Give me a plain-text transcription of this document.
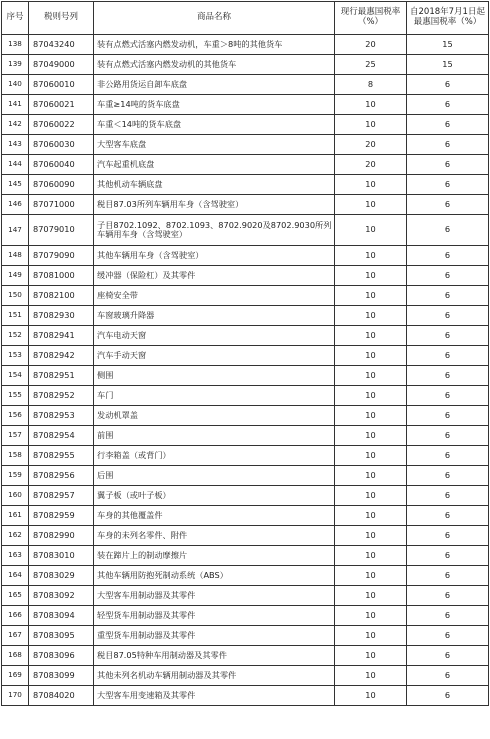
序号	税则号列	商品名称	现行最惠国税率（%）	自2018年7月1日起最惠国税率（%）
138	87043240	装有点燃式活塞内燃发动机，车重＞8吨的其他货车	20	15
139	87049000	装有点燃式活塞内燃发动机的其他货车	25	15
140	87060010	非公路用货运自卸车底盘	8	6
141	87060021	车重≥14吨的货车底盘	10	6
142	87060022	车重＜14吨的货车底盘	10	6
143	87060030	大型客车底盘	20	6
144	87060040	汽车起重机底盘	20	6
145	87060090	其他机动车辆底盘	10	6
146	87071000	税目87.03所列车辆用车身（含驾驶室）	10	6
147	87079010	子目8702.1092、8702.1093、8702.9020及8702.9030所列车辆用车身（含驾驶室）	10	6
148	87079090	其他车辆用车身（含驾驶室）	10	6
149	87081000	缓冲器（保险杠）及其零件	10	6
150	87082100	座椅安全带	10	6
151	87082930	车窗玻璃升降器	10	6
152	87082941	汽车电动天窗	10	6
153	87082942	汽车手动天窗	10	6
154	87082951	侧围	10	6
155	87082952	车门	10	6
156	87082953	发动机罩盖	10	6
157	87082954	前围	10	6
158	87082955	行李箱盖（或背门）	10	6
159	87082956	后围	10	6
160	87082957	翼子板（或叶子板）	10	6
161	87082959	车身的其他覆盖件	10	6
162	87082990	车身的未列名零件、附件	10	6
163	87083010	装在蹄片上的制动摩擦片	10	6
164	87083029	其他车辆用防抱死制动系统（ABS）	10	6
165	87083092	大型客车用制动器及其零件	10	6
166	87083094	轻型货车用制动器及其零件	10	6
167	87083095	重型货车用制动器及其零件	10	6
168	87083096	税目87.05特种车用制动器及其零件	10	6
169	87083099	其他未列名机动车辆用制动器及其零件	10	6
170	87084020	大型客车用变速箱及其零件	10	6
